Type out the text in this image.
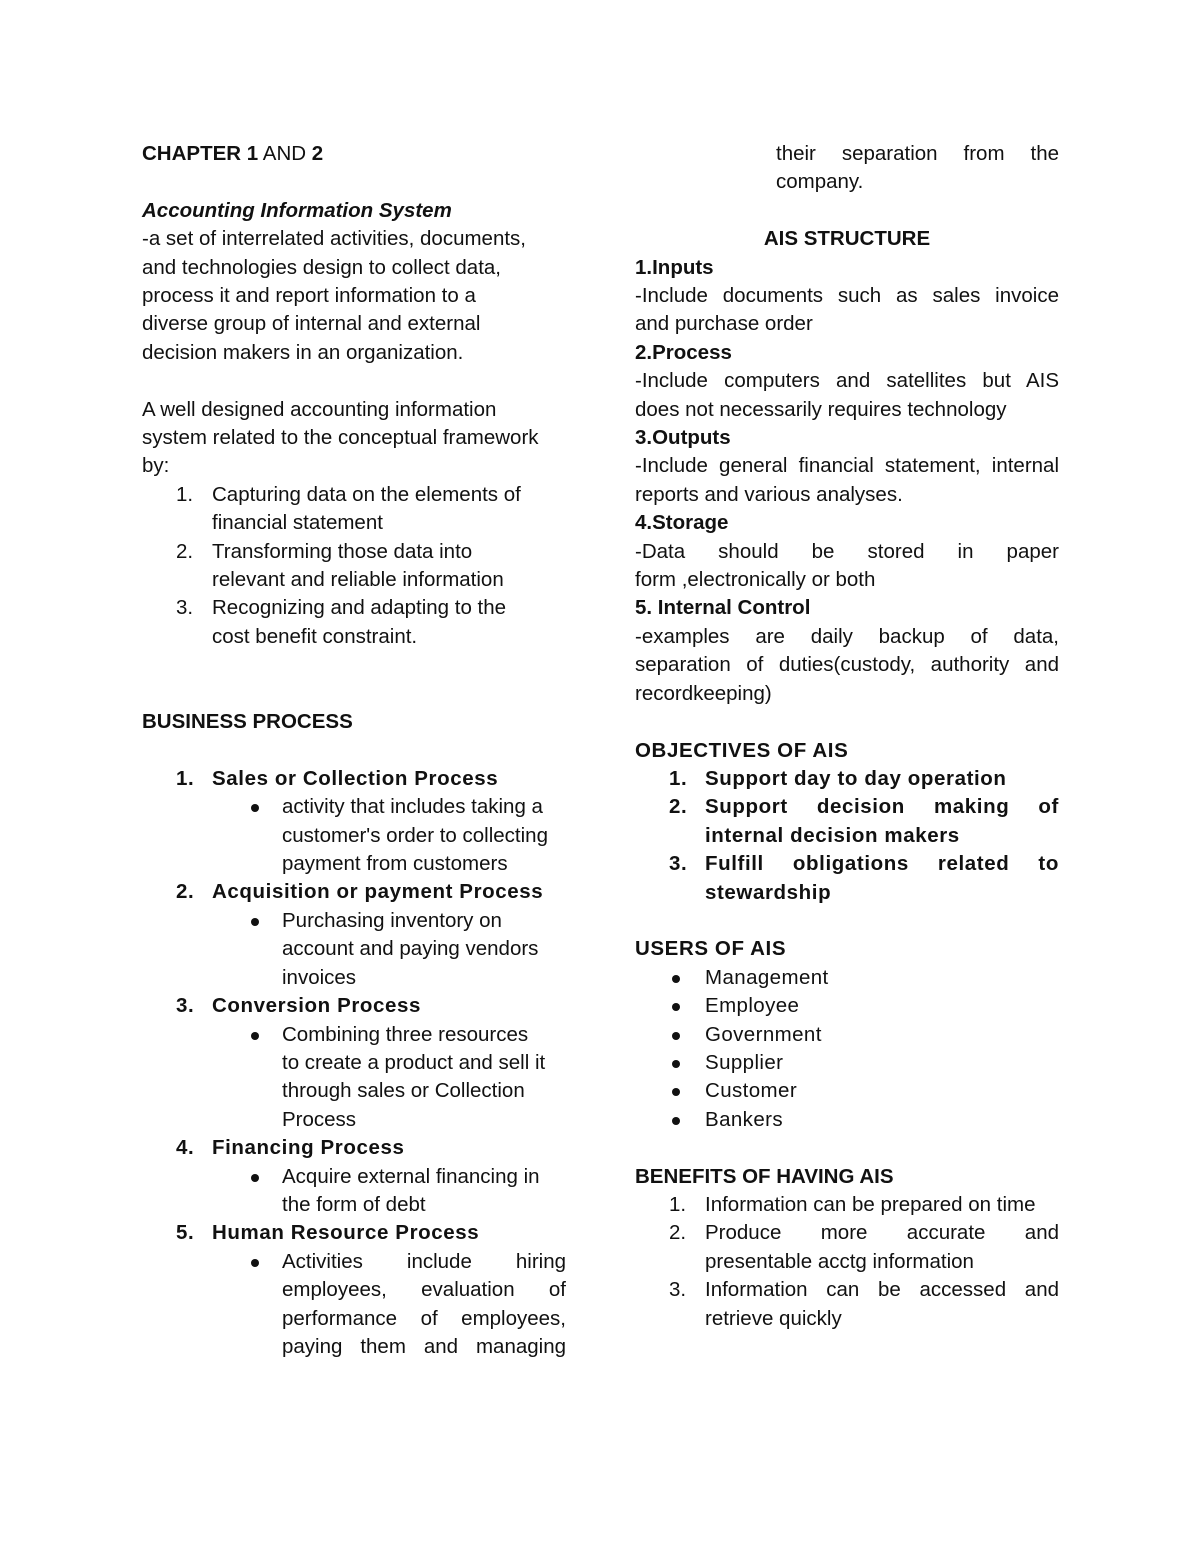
CHAPTER 1 AND 2
Accounting Information System
-a set of interrelated activities, documents,
and technologies design to collect data,
process it and report information to a
diverse group of internal and external
decision makers in an organization.
A well designed accounting information
system related to the conceptual framework
by:
1. Capturing data on the elements of
financial statement
2. Transforming those data into
relevant and reliable information
3. Recognizing and adapting to the
cost benefit constraint.
BUSINESS PROCESS
1. Sales or Collection Process
activity that includes taking a
customer's order to collecting
payment from customers
2. Acquisition or payment Process
Purchasing inventory on
account and paying vendors
invoices
3. Conversion Process
Combining three resources
to create a product and sell it
through sales or Collection
Process
4. Financing Process
Acquire external financing in
the form of debt
5. Human Resource Process
Activities include hiring
employees, evaluation of
performance of employees,
paying them and managing
their separation from the
company.
AIS STRUCTURE
1.Inputs
-Include documents such as sales invoice
and purchase order
2.Process
-Include computers and satellites but AIS
does not necessarily requires technology
3.Outputs
-Include general financial statement, internal
reports and various analyses.
4.Storage
-Data should be stored in paper
form ,electronically or both
5. Internal Control
-examples are daily backup of data,
separation of duties(custody, authority and
recordkeeping)
OBJECTIVES OF AIS
1. Support day to day operation
2. Support decision making of
internal decision makers
3. Fulfill obligations related to
stewardship
USERS OF AIS
Management
Employee
Government
Supplier
Customer
Bankers
BENEFITS OF HAVING AIS
1. Information can be prepared on time
2. Produce more accurate and
presentable acctg information
3. Information can be accessed and
retrieve quickly
